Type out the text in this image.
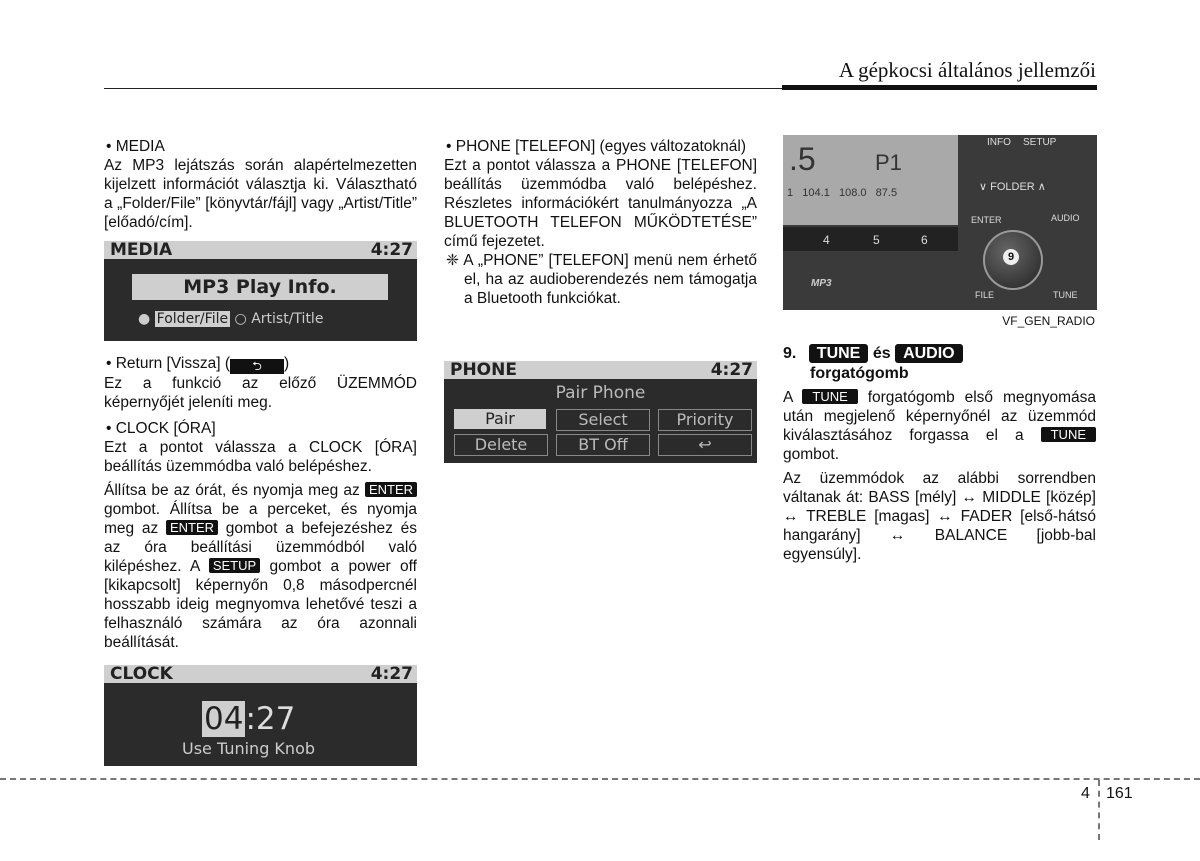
A gépkocsi általános jellemzői

• MEDIA

Az MP3 lejátszás során alapértelmezetten kijelzett információt választja ki. Választható a „Folder/File” [könyvtár/fájl] vagy „Artist/Title” [előadó/cím].

MEDIA	4:27
MP3 Play Info.
● Folder/File ○ Artist/Title

• Return [Vissza] ( ⮌ )

Ez a funkció az előző ÜZEMMÓD képernyőjét jeleníti meg.

• CLOCK [ÓRA]

Ezt a pontot válassza a CLOCK [ÓRA] beállítás üzemmódba való belépéshez.

Állítsa be az órát, és nyomja meg az ENTER gombot. Állítsa be a perceket, és nyomja meg az ENTER gombot a befejezéshez és az óra beállítási üzemmódból való kilépéshez. A SETUP gombot a power off [kikapcsolt] képernyőn 0,8 másodpercnél hosszabb ideig megnyomva lehetővé teszi a felhasználó számára az óra azonnali beállítását.

CLOCK	4:27
04:27
Use Tuning Knob

• PHONE [TELEFON] (egyes változatoknál)

Ezt a pontot válassza a PHONE [TELEFON] beállítás üzemmódba való belépéshez. Részletes információkért tanulmányozza „A BLUETOOTH TELEFON MŰKÖDTETÉSE” című fejezetet.

❈ A „PHONE” [TELEFON] menü nem érhető el, ha az audioberendezés nem támogatja a Bluetooth funkciókat.

PHONE	4:27
Pair Phone
Pair	Select	Priority
Delete	BT Off	↩
.5	P1
1   104.1   108.0   87.5
INFO SETUP
∨ FOLDER ∧
4	5	6
MP3
ENTER	AUDIO
9
FILE	TUNE
VF_GEN_RADIO

9. TUNE és AUDIO
forgatógomb

A TUNE forgatógomb első megnyomása után megjelenő képernyőnél az üzemmód kiválasztásához forgassa el a TUNE gombot.

Az üzemmódok az alábbi sorrendben váltanak át: BASS [mély] ↔ MIDDLE [közép] ↔ TREBLE [magas] ↔ FADER [első-hátsó hangarány] ↔ BALANCE [jobb-bal egyensúly].

4 161
